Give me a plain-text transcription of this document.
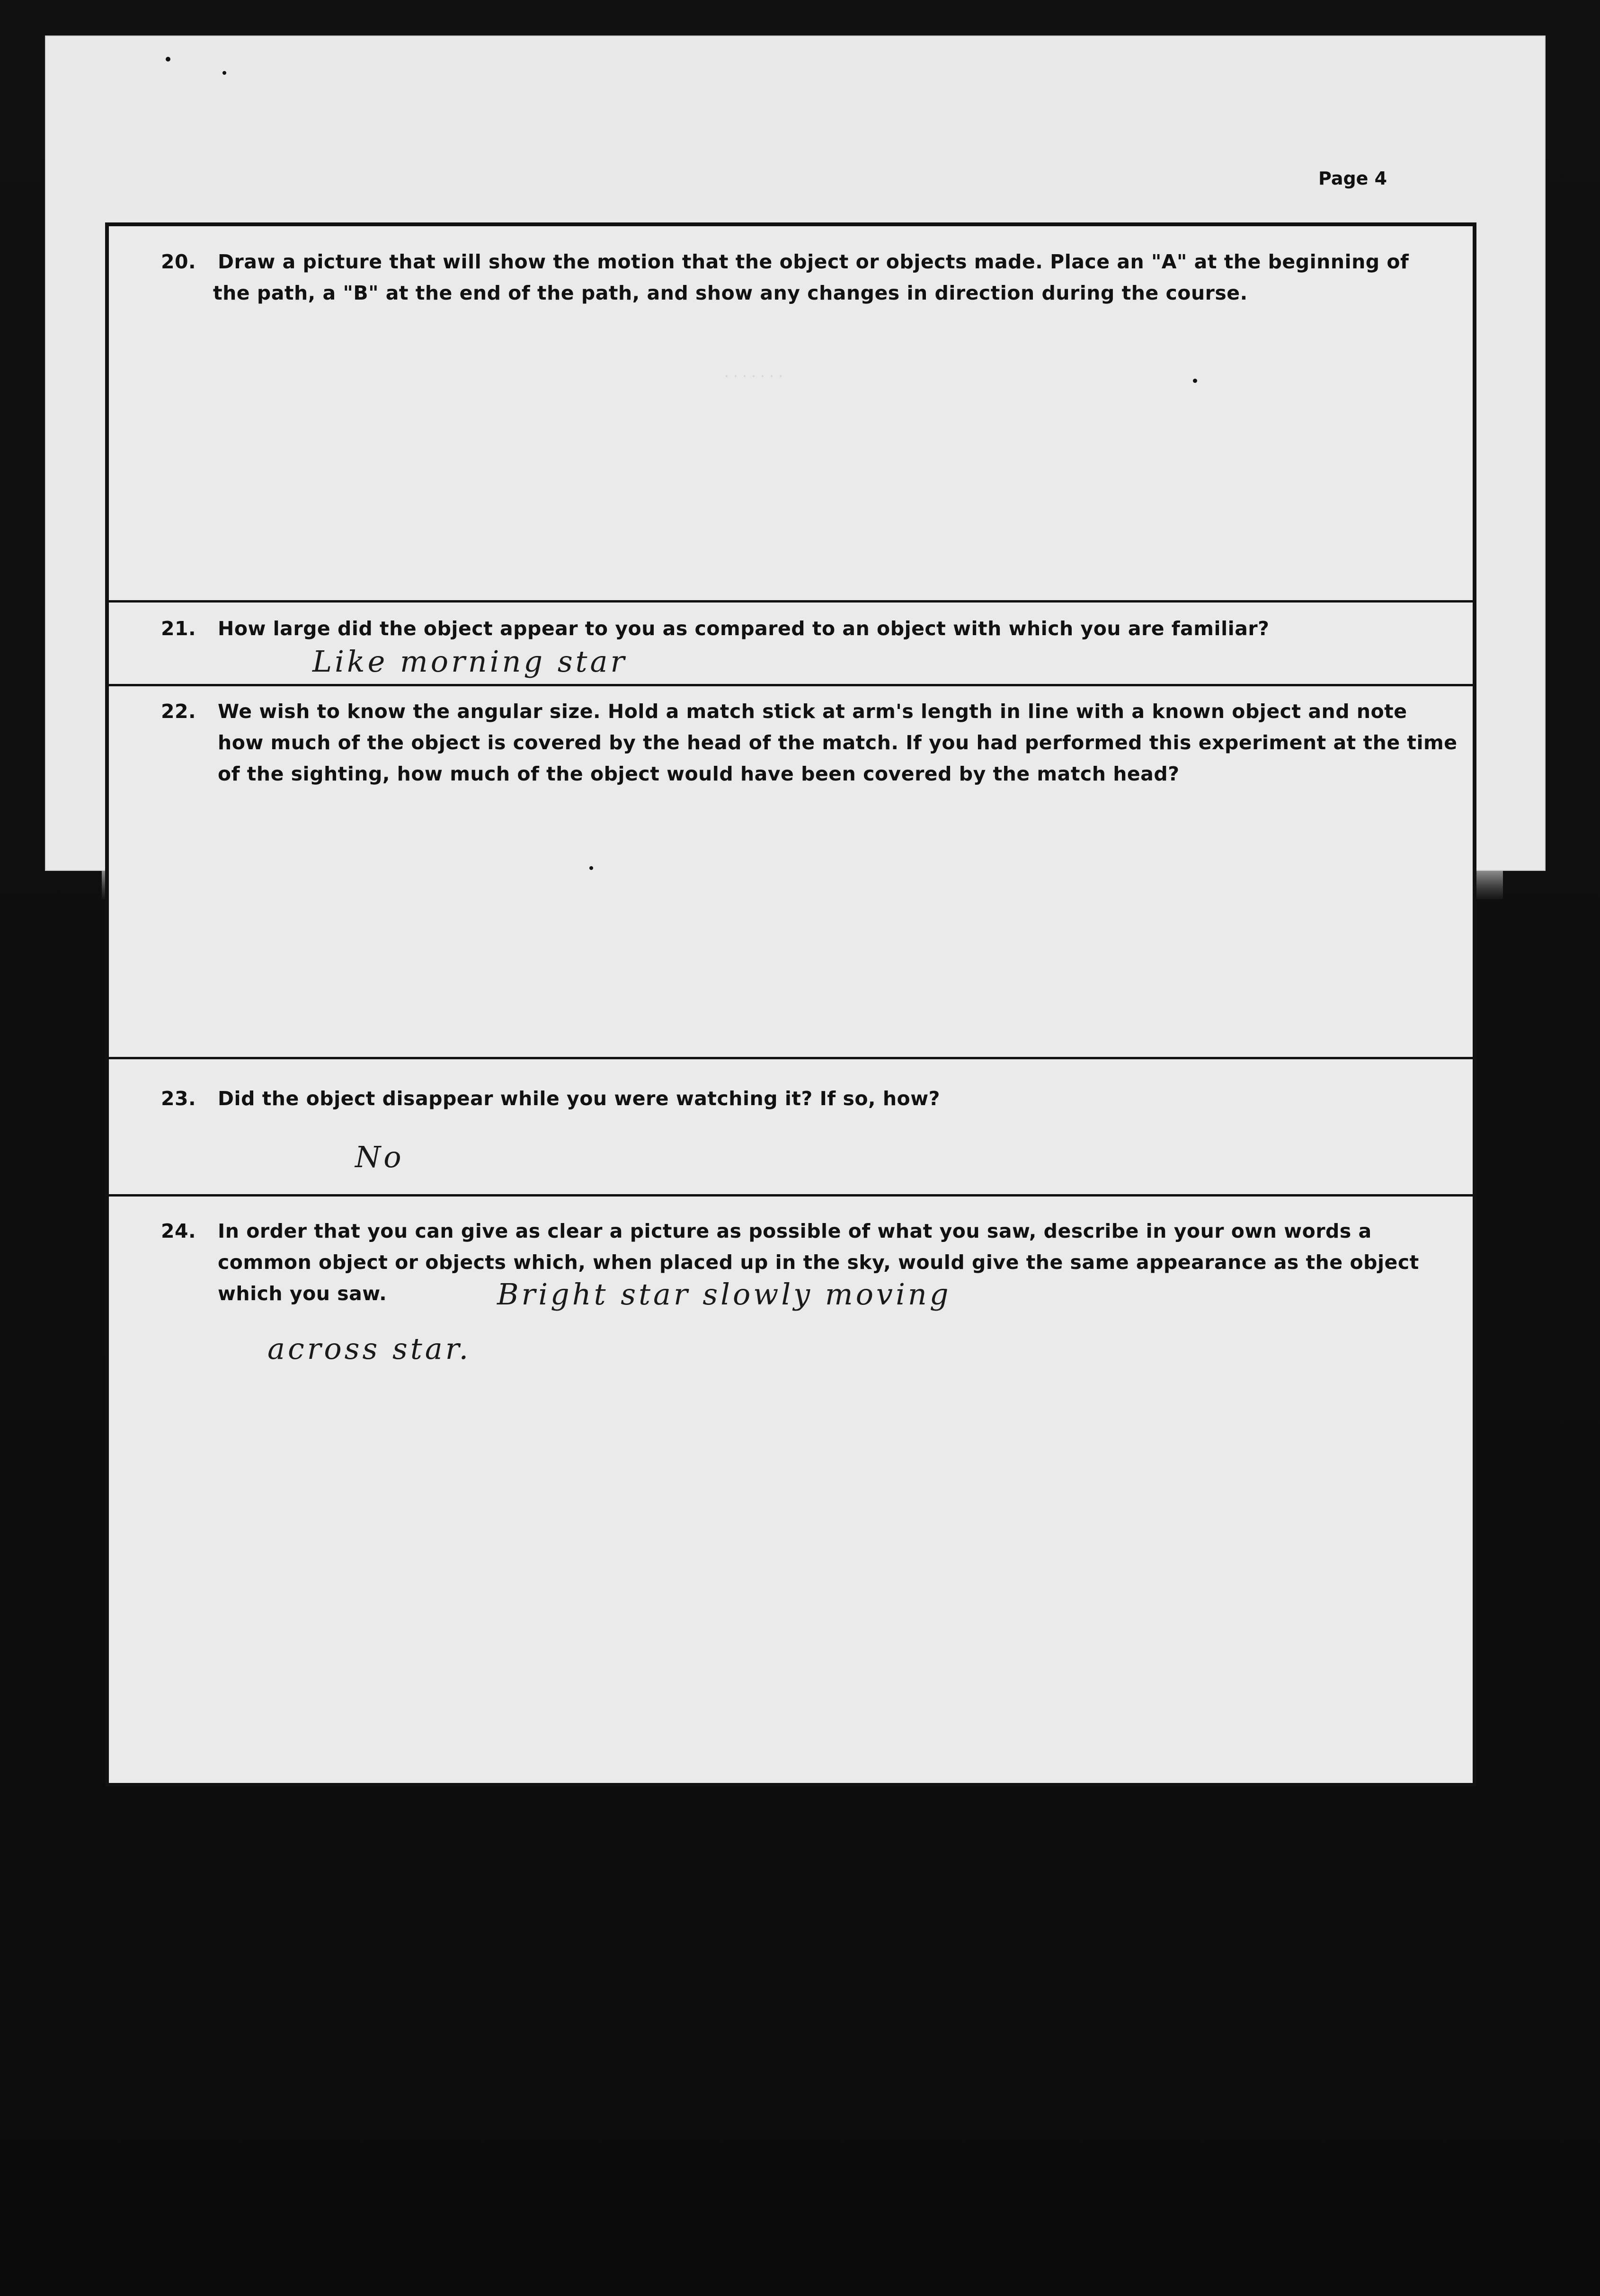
Page 4
20. Draw a picture that will show the motion that the object or objects made. Place an "A" at the beginning of
the path, a "B" at the end of the path, and show any changes in direction during the course.
· · · · · · ·
21. How large did the object appear to you as compared to an object with which you are familiar?
Like morning star
22. We wish to know the angular size. Hold a match stick at arm's length in line with a known object and note
how much of the object is covered by the head of the match. If you had performed this experiment at the time
of the sighting, how much of the object would have been covered by the match head?
23. Did the object disappear while you were watching it? If so, how?
No
24. In order that you can give as clear a picture as possible of what you saw, describe in your own words a
common object or objects which, when placed up in the sky, would give the same appearance as the object
which you saw.	Bright star slowly moving
across star.
